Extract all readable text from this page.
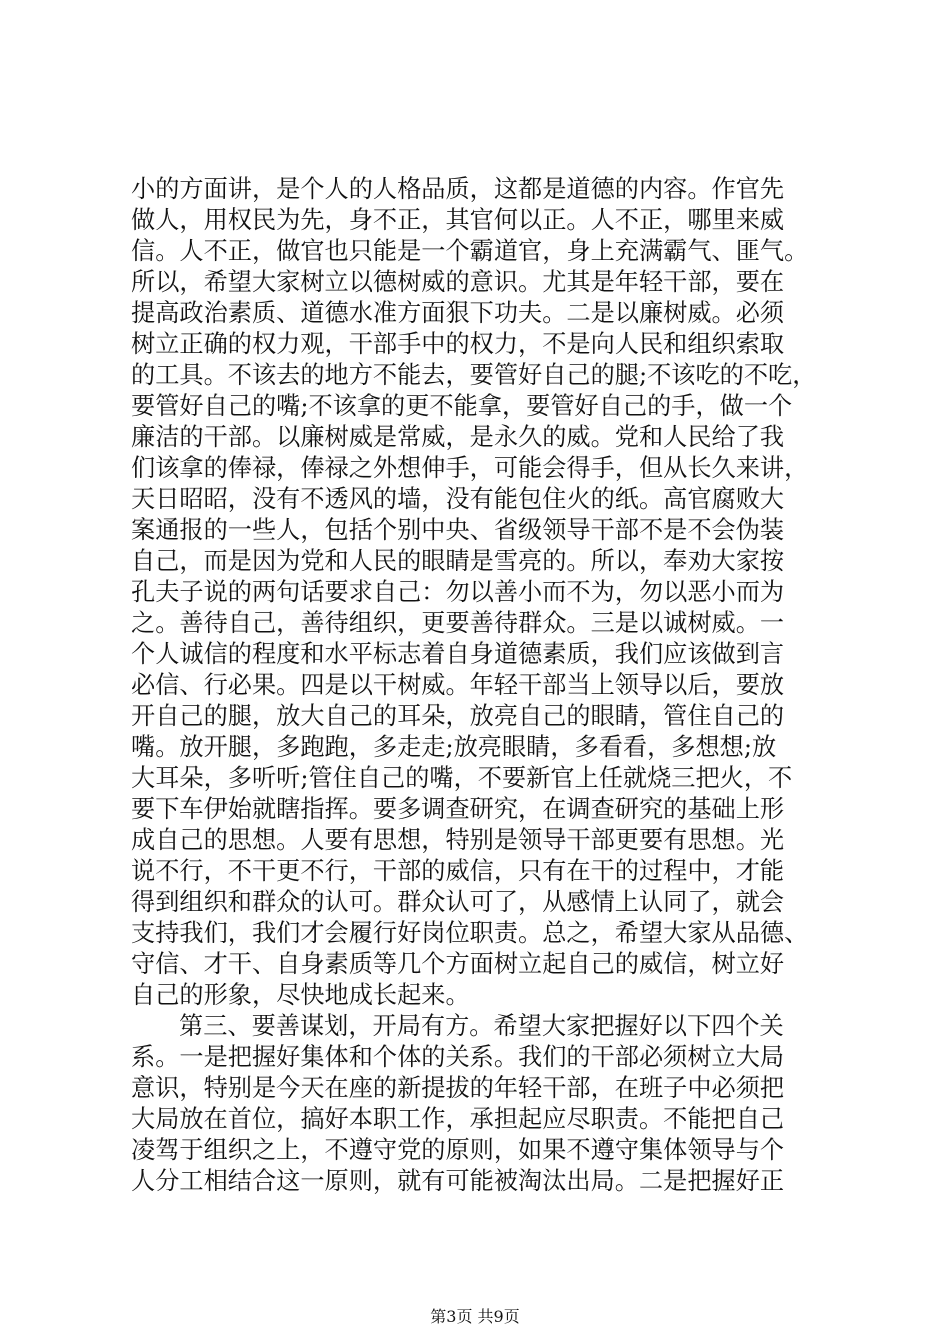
小的方面讲，是个人的人格品质，这都是道德的内容。作官先
做人，用权民为先，身不正，其官何以正。人不正，哪里来威
信。人不正，做官也只能是一个霸道官，身上充满霸气、匪气。
所以，希望大家树立以德树威的意识。尤其是年轻干部，要在
提高政治素质、道德水准方面狠下功夫。二是以廉树威。必须
树立正确的权力观，干部手中的权力，不是向人民和组织索取
的工具。不该去的地方不能去，要管好自己的腿;不该吃的不吃，
要管好自己的嘴;不该拿的更不能拿，要管好自己的手，做一个
廉洁的干部。以廉树威是常威，是永久的威。党和人民给了我
们该拿的俸禄，俸禄之外想伸手，可能会得手，但从长久来讲，
天日昭昭，没有不透风的墙，没有能包住火的纸。高官腐败大
案通报的一些人，包括个别中央、省级领导干部不是不会伪装
自己，而是因为党和人民的眼睛是雪亮的。所以，奉劝大家按
孔夫子说的两句话要求自己：勿以善小而不为，勿以恶小而为
之。善待自己，善待组织，更要善待群众。三是以诚树威。一
个人诚信的程度和水平标志着自身道德素质，我们应该做到言
必信、行必果。四是以干树威。年轻干部当上领导以后，要放
开自己的腿，放大自己的耳朵，放亮自己的眼睛，管住自己的
嘴。放开腿，多跑跑，多走走;放亮眼睛，多看看，多想想;放
大耳朵，多听听;管住自己的嘴，不要新官上任就烧三把火，不
要下车伊始就瞎指挥。要多调查研究，在调查研究的基础上形
成自己的思想。人要有思想，特别是领导干部更要有思想。光
说不行，不干更不行，干部的威信，只有在干的过程中，才能
得到组织和群众的认可。群众认可了，从感情上认同了，就会
支持我们，我们才会履行好岗位职责。总之，希望大家从品德、
守信、才干、自身素质等几个方面树立起自己的威信，树立好
自己的形象，尽快地成长起来。
第三、要善谋划，开局有方。希望大家把握好以下四个关
系。一是把握好集体和个体的关系。我们的干部必须树立大局
意识，特别是今天在座的新提拔的年轻干部，在班子中必须把
大局放在首位，搞好本职工作，承担起应尽职责。不能把自己
凌驾于组织之上，不遵守党的原则，如果不遵守集体领导与个
人分工相结合这一原则，就有可能被淘汰出局。二是把握好正
第3页 共9页
